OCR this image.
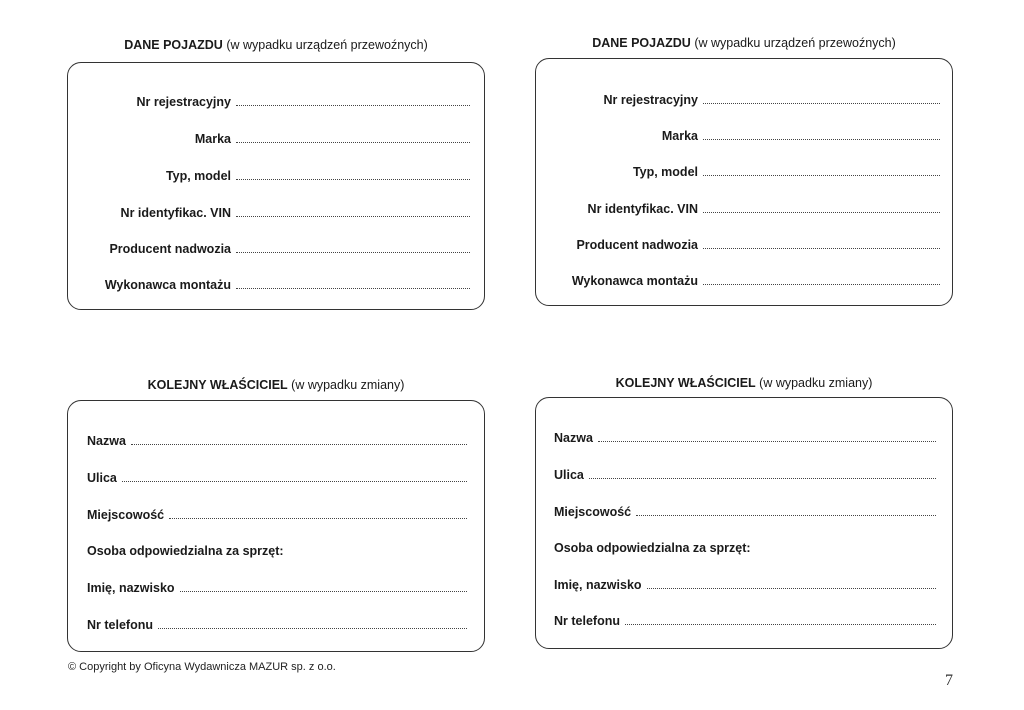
DANE POJAZDU (w wypadku urządzeń przewoźnych)
Nr rejestracyjny
Marka
Typ, model
Nr identyfikac. VIN
Producent nadwozia
Wykonawca montażu
DANE POJAZDU (w wypadku urządzeń przewoźnych)
Nr rejestracyjny
Marka
Typ, model
Nr identyfikac. VIN
Producent nadwozia
Wykonawca montażu
KOLEJNY WŁAŚCICIEL (w wypadku zmiany)
Nazwa
Ulica
Miejscowość
Osoba odpowiedzialna za sprzęt:
Imię, nazwisko
Nr telefonu
KOLEJNY WŁAŚCICIEL (w wypadku zmiany)
Nazwa
Ulica
Miejscowość
Osoba odpowiedzialna za sprzęt:
Imię, nazwisko
Nr telefonu
© Copyright by Oficyna Wydawnicza MAZUR sp. z o.o.
7
